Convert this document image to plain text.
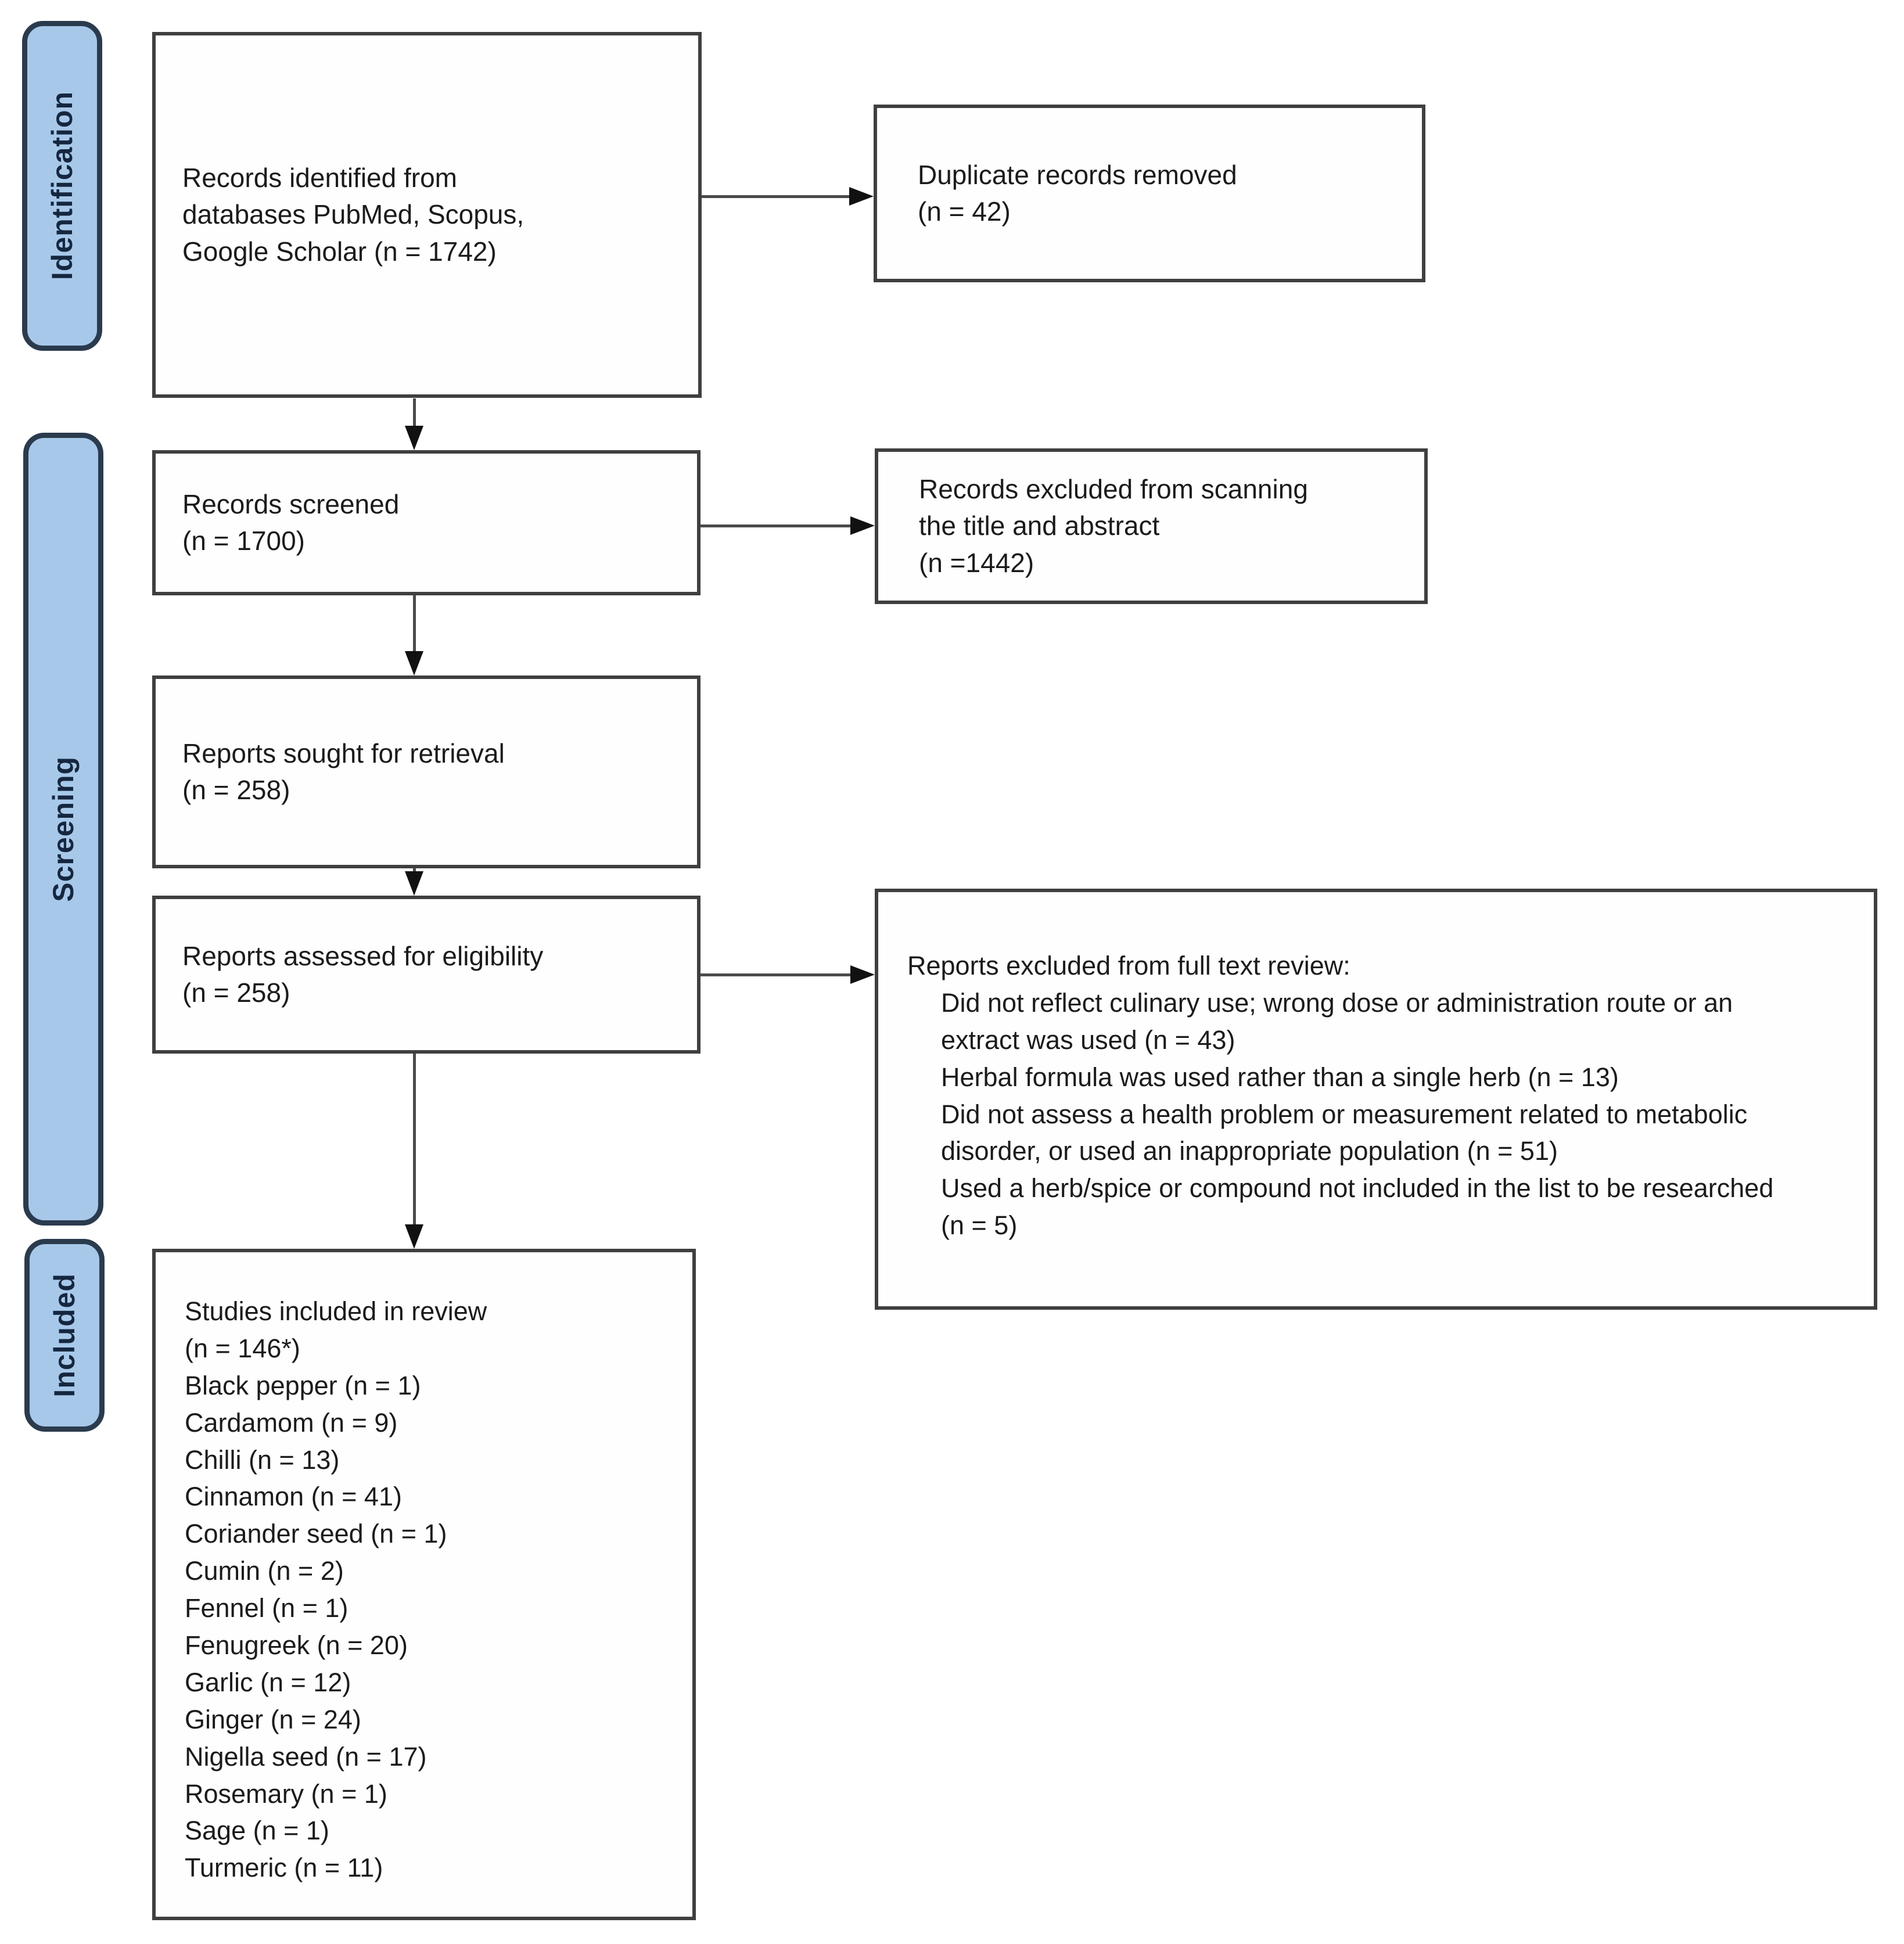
Identification
Screening
Included
Records identified from
databases PubMed, Scopus,
Google Scholar (n = 1742)
Duplicate records removed
(n = 42)
Records screened
(n = 1700)
Records excluded from scanning
the title and abstract
(n =1442)
Reports sought for retrieval
(n = 258)
Reports assessed for eligibility
(n = 258)
Reports excluded from full text review:
Did not reflect culinary use; wrong dose or administration route or an extract was used (n = 43)
Herbal formula was used rather than a single herb (n = 13)
Did not assess a health problem or measurement related to metabolic disorder, or used an inappropriate population (n = 51)
Used a herb/spice or compound not included in the list to be researched (n = 5)
Studies included in review
(n = 146*)
Black pepper (n = 1)
Cardamom (n = 9)
Chilli (n = 13)
Cinnamon (n = 41)
Coriander seed (n = 1)
Cumin (n = 2)
Fennel (n = 1)
Fenugreek (n = 20)
Garlic (n = 12)
Ginger (n = 24)
Nigella seed (n = 17)
Rosemary (n = 1)
Sage (n = 1)
Turmeric (n = 11)
